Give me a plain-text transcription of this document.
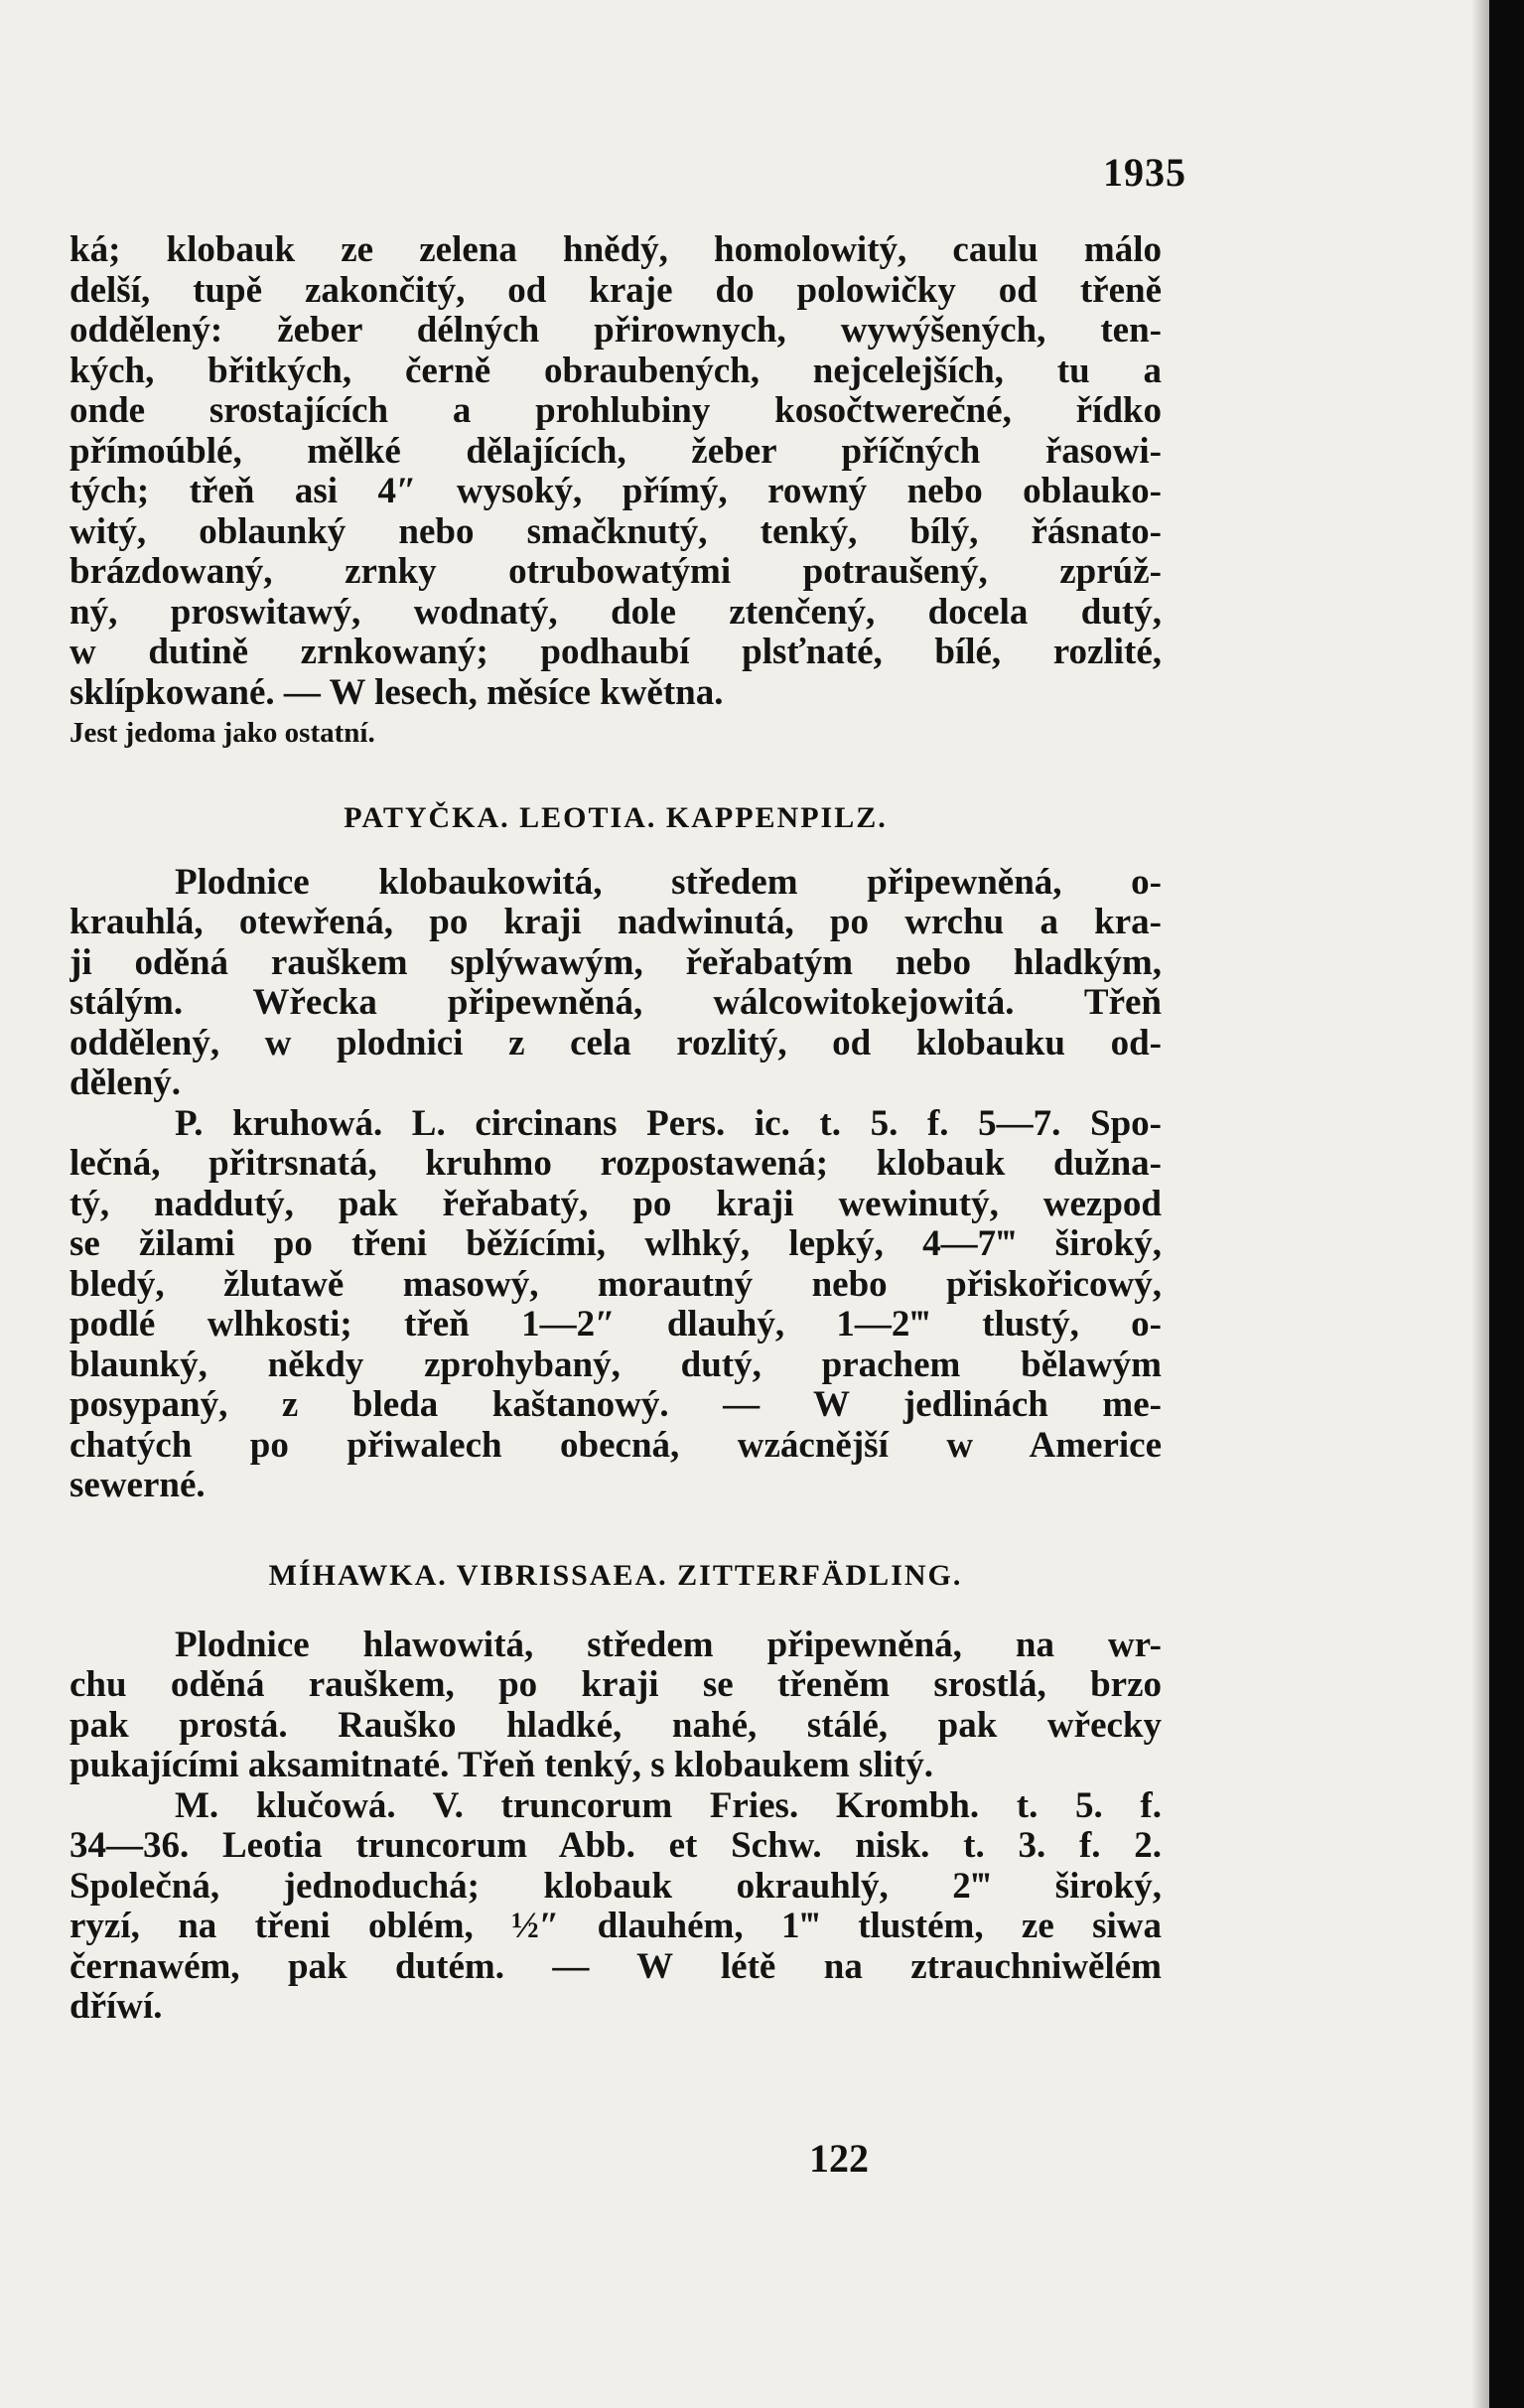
1935
ká; klobauk ze zelena hnědý, homolowitý, caulu málo
delší, tupě zakončitý, od kraje do polowičky od třeně
oddělený: žeber délných přirownych, wywýšených, ten-
kých, břitkých, černě obraubených, nejcelejších, tu a
onde srostajících a prohlubiny kosočtwerečné, řídko
přímoúblé, mělké dělajících, žeber příčných řasowi-
tých; třeň asi 4″ wysoký, přímý, rowný nebo oblauko-
witý, oblaunký nebo smačknutý, tenký, bílý, řásnato-
brázdowaný, zrnky otrubowatými potraušený, zprúž-
ný, proswitawý, wodnatý, dole ztenčený, docela dutý,
w dutině zrnkowaný; podhaubí plsťnaté, bílé, rozlité,
sklípkowané. — W lesech, měsíce kwětna.
Jest jedoma jako ostatní.
PATYČKA. LEOTIA. KAPPENPILZ.
Plodnice klobaukowitá, středem připewněná, o-
krauhlá, otewřená, po kraji nadwinutá, po wrchu a kra-
ji oděná rauškem splýwawým, řeřabatým nebo hladkým,
stálým. Wřecka připewněná, wálcowitokejowitá. Třeň
oddělený, w plodnici z cela rozlitý, od klobauku od-
dělený.
P. kruhowá. L. circinans Pers. ic. t. 5. f. 5—7. Spo-
lečná, přitrsnatá, kruhmo rozpostawená; klobauk dužna-
tý, naddutý, pak řeřabatý, po kraji wewinutý, wezpod
se žilami po třeni běžícími, wlhký, lepký, 4—7‴ široký,
bledý, žlutawě masowý, morautný nebo přiskořicowý,
podlé wlhkosti; třeň 1—2″ dlauhý, 1—2‴ tlustý, o-
blaunký, někdy zprohybaný, dutý, prachem bělawým
posypaný, z bleda kaštanowý. — W jedlinách me-
chatých po přiwalech obecná, wzácnější w Americe
sewerné.
MÍHAWKA. VIBRISSAEA. ZITTERFÄDLING.
Plodnice hlawowitá, středem připewněná, na wr-
chu oděná rauškem, po kraji se třeněm srostlá, brzo
pak prostá. Rauško hladké, nahé, stálé, pak wřecky
pukajícími aksamitnaté. Třeň tenký, s klobaukem slitý.
M. klučowá. V. truncorum Fries. Krombh. t. 5. f.
34—36. Leotia truncorum Abb. et Schw. nisk. t. 3. f. 2.
Společná, jednoduchá; klobauk okrauhlý, 2‴ široký,
ryzí, na třeni oblém, ½″ dlauhém, 1‴ tlustém, ze siwa
černawém, pak dutém. — W létě na ztrauchniwělém
dříwí.
122
